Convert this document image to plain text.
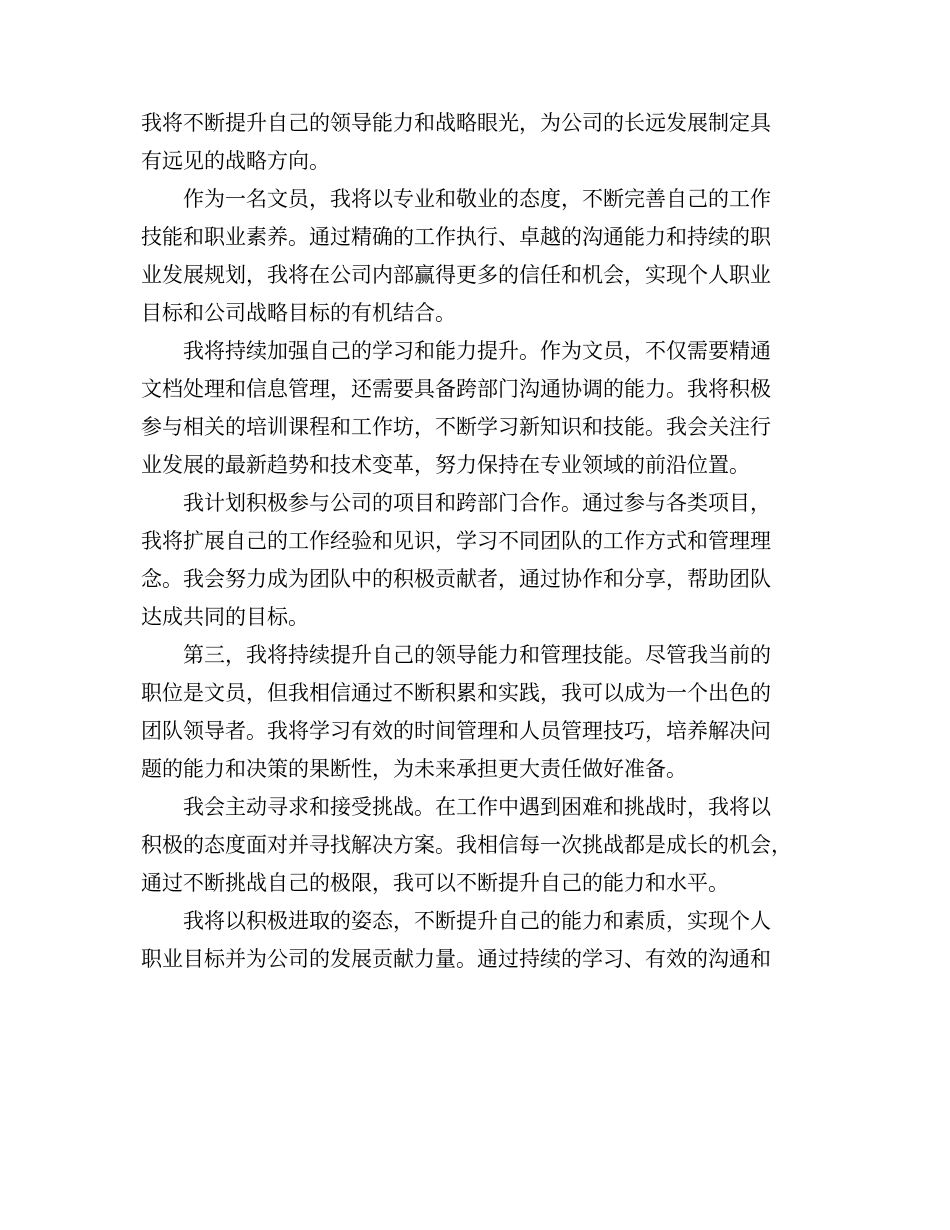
我将不断提升自己的领导能力和战略眼光，为公司的长远发展制定具
有远见的战略方向。
作为一名文员，我将以专业和敬业的态度，不断完善自己的工作
技能和职业素养。通过精确的工作执行、卓越的沟通能力和持续的职
业发展规划，我将在公司内部赢得更多的信任和机会，实现个人职业
目标和公司战略目标的有机结合。
我将持续加强自己的学习和能力提升。作为文员，不仅需要精通
文档处理和信息管理，还需要具备跨部门沟通协调的能力。我将积极
参与相关的培训课程和工作坊，不断学习新知识和技能。我会关注行
业发展的最新趋势和技术变革，努力保持在专业领域的前沿位置。
我计划积极参与公司的项目和跨部门合作。通过参与各类项目，
我将扩展自己的工作经验和见识，学习不同团队的工作方式和管理理
念。我会努力成为团队中的积极贡献者，通过协作和分享，帮助团队
达成共同的目标。
第三，我将持续提升自己的领导能力和管理技能。尽管我当前的
职位是文员，但我相信通过不断积累和实践，我可以成为一个出色的
团队领导者。我将学习有效的时间管理和人员管理技巧，培养解决问
题的能力和决策的果断性，为未来承担更大责任做好准备。
我会主动寻求和接受挑战。在工作中遇到困难和挑战时，我将以
积极的态度面对并寻找解决方案。我相信每一次挑战都是成长的机会，
通过不断挑战自己的极限，我可以不断提升自己的能力和水平。
我将以积极进取的姿态，不断提升自己的能力和素质，实现个人
职业目标并为公司的发展贡献力量。通过持续的学习、有效的沟通和
